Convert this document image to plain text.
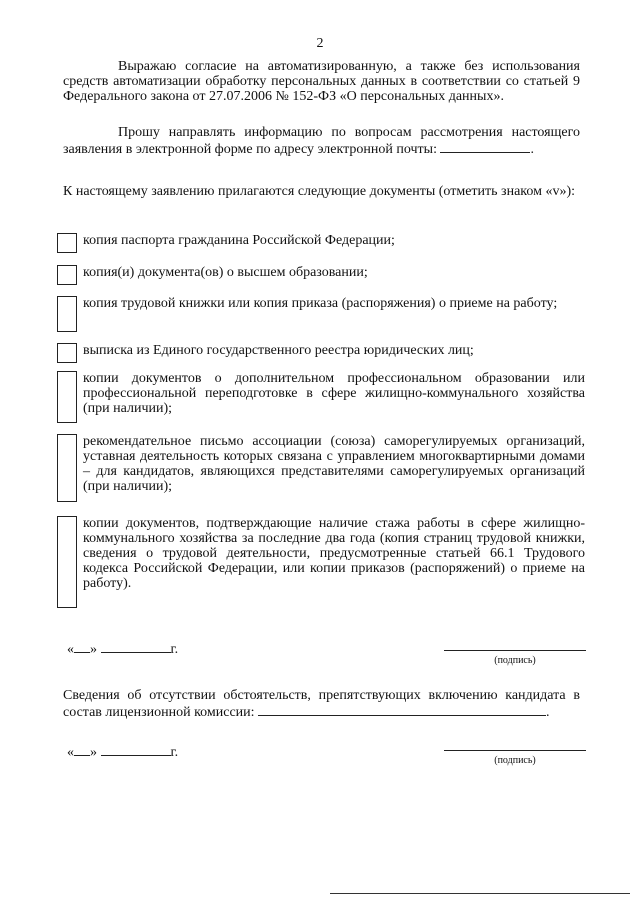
2
Выражаю согласие на автоматизированную, а также без использования средств автоматизации обработку персональных данных в соответствии со статьей 9 Федерального закона от 27.07.2006 № 152-ФЗ «О персональных данных».
Прошу направлять информацию по вопросам рассмотрения настоящего заявления в электронной форме по адресу электронной почты:	.
К настоящему заявлению прилагаются следующие документы (отметить знаком «v»):
копия паспорта гражданина Российской Федерации;
копия(и) документа(ов) о высшем образовании;
копия трудовой книжки или копия приказа (распоряжения) о приеме на работу;
выписка из Единого государственного реестра юридических лиц;
копии документов о дополнительном профессиональном образовании или профессиональной переподготовке в сфере жилищно-коммунального хозяйства (при наличии);
рекомендательное письмо ассоциации (союза) саморегулируемых организаций, уставная деятельность которых связана с управлением многоквартирными домами – для кандидатов, являющихся представителями саморегулируемых организаций (при наличии);
копии документов, подтверждающие наличие стажа работы в сфере жилищно-коммунального хозяйства за последние два года (копия страниц трудовой книжки, сведения о трудовой деятельности, предусмотренные статьей 66.1 Трудового кодекса Российской Федерации, или копии приказов (распоряжений) о приеме на работу).
« »	г.
(подпись)
Сведения об отсутствии обстоятельств, препятствующих включению кандидата в состав лицензионной комиссии:	.
« »	г.
(подпись)
